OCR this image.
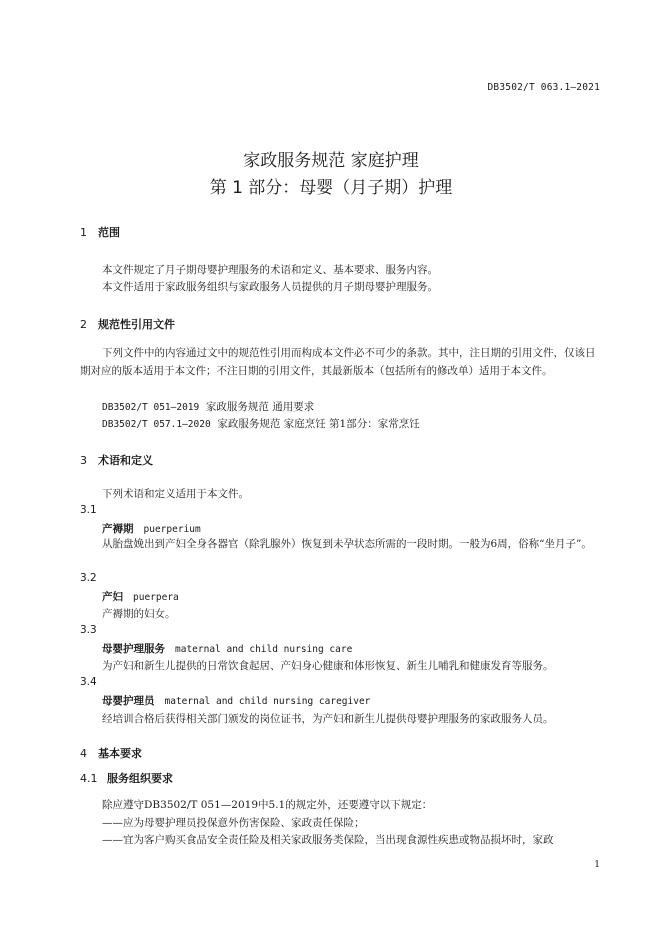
DB3502/T 063.1—2021
家政服务规范 家庭护理
第 1 部分：母婴（月子期）护理
1 范围
本文件规定了月子期母婴护理服务的术语和定义、基本要求、服务内容。
本文件适用于家政服务组织与家政服务人员提供的月子期母婴护理服务。
2 规范性引用文件
下列文件中的内容通过文中的规范性引用而构成本文件必不可少的条款。其中，注日期的引用文件，仅该日期对应的版本适用于本文件；不注日期的引用文件，其最新版本（包括所有的修改单）适用于本文件。
DB3502/T 051—2019 家政服务规范 通用要求
DB3502/T 057.1—2020 家政服务规范 家庭烹饪 第1部分：家常烹饪
3 术语和定义
下列术语和定义适用于本文件。
3.1
产褥期 puerperium
从胎盘娩出到产妇全身各器官（除乳腺外）恢复到未孕状态所需的一段时期。一般为6周，俗称“坐月子”。
3.2
产妇 puerpera
产褥期的妇女。
3.3
母婴护理服务 maternal and child nursing care
为产妇和新生儿提供的日常饮食起居、产妇身心健康和体形恢复、新生儿哺乳和健康发育等服务。
3.4
母婴护理员 maternal and child nursing caregiver
经培训合格后获得相关部门颁发的岗位证书，为产妇和新生儿提供母婴护理服务的家政服务人员。
4 基本要求
4.1 服务组织要求
除应遵守DB3502/T 051—2019中5.1的规定外，还要遵守以下规定：
——应为母婴护理员投保意外伤害保险、家政责任保险；
——宜为客户购买食品安全责任险及相关家政服务类保险，当出现食源性疾患或物品损坏时，家政
1
